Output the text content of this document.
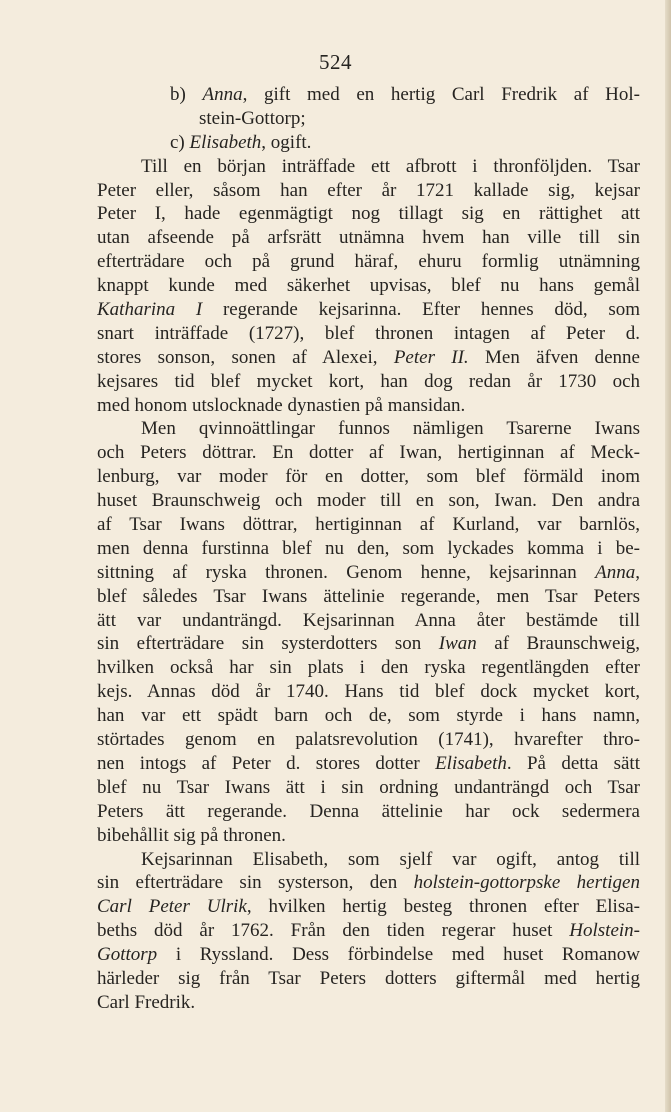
524
b) Anna, gift med en hertig Carl Fredrik af Hol-
stein-Gottorp;
c) Elisabeth, ogift.
Till en början inträffade ett afbrott i thronföljden. Tsar
Peter eller, såsom han efter år 1721 kallade sig, kejsar
Peter I, hade egenmägtigt nog tillagt sig en rättighet att
utan afseende på arfsrätt utnämna hvem han ville till sin
efterträdare och på grund häraf, ehuru formlig utnämning
knappt kunde med säkerhet upvisas, blef nu hans gemål
Katharina I regerande kejsarinna. Efter hennes död, som
snart inträffade (1727), blef thronen intagen af Peter d.
stores sonson, sonen af Alexei, Peter II. Men äfven denne
kejsares tid blef mycket kort, han dog redan år 1730 och
med honom utslocknade dynastien på mansidan.
Men qvinnoättlingar funnos nämligen Tsarerne Iwans
och Peters döttrar. En dotter af Iwan, hertiginnan af Meck-
lenburg, var moder för en dotter, som blef förmäld inom
huset Braunschweig och moder till en son, Iwan. Den andra
af Tsar Iwans döttrar, hertiginnan af Kurland, var barnlös,
men denna furstinna blef nu den, som lyckades komma i be-
sittning af ryska thronen. Genom henne, kejsarinnan Anna,
blef således Tsar Iwans ättelinie regerande, men Tsar Peters
ätt var undanträngd. Kejsarinnan Anna åter bestämde till
sin efterträdare sin systerdotters son Iwan af Braunschweig,
hvilken också har sin plats i den ryska regentlängden efter
kejs. Annas död år 1740. Hans tid blef dock mycket kort,
han var ett spädt barn och de, som styrde i hans namn,
störtades genom en palatsrevolution (1741), hvarefter thro-
nen intogs af Peter d. stores dotter Elisabeth. På detta sätt
blef nu Tsar Iwans ätt i sin ordning undanträngd och Tsar
Peters ätt regerande. Denna ättelinie har ock sedermera
bibehållit sig på thronen.
Kejsarinnan Elisabeth, som sjelf var ogift, antog till
sin efterträdare sin systerson, den holstein-gottorpske hertigen
Carl Peter Ulrik, hvilken hertig besteg thronen efter Elisa-
beths död år 1762. Från den tiden regerar huset Holstein-
Gottorp i Ryssland. Dess förbindelse med huset Romanow
härleder sig från Tsar Peters dotters giftermål med hertig
Carl Fredrik.
